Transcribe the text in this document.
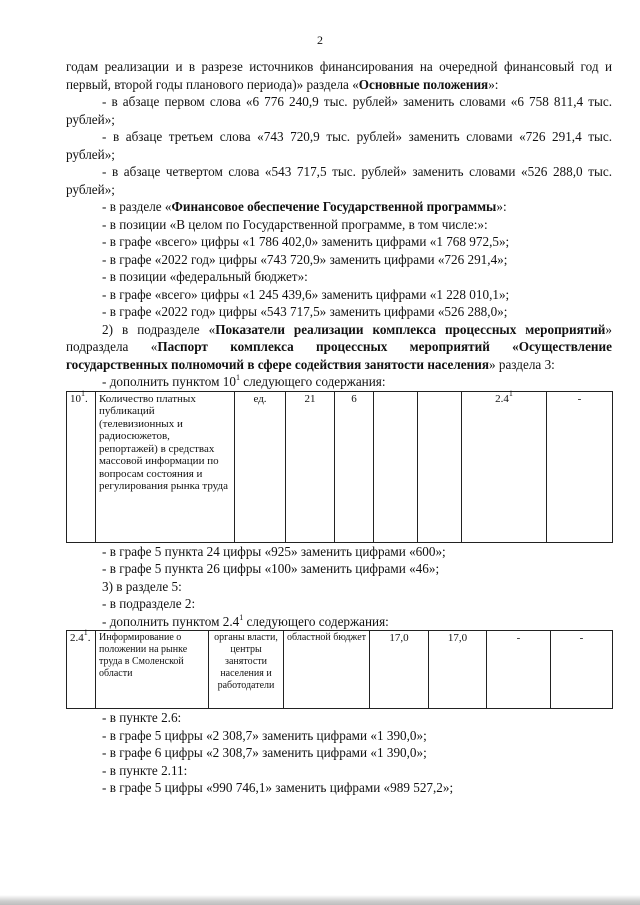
2

годам реализации и в разрезе источников финансирования на очередной финансовый год и первый, второй годы планового периода)» раздела «Основные положения»:

- в абзаце первом слова «6 776 240,9 тыс. рублей» заменить словами «6 758 811,4 тыс. рублей»;

- в абзаце третьем слова «743 720,9 тыс. рублей» заменить словами «726 291,4 тыс. рублей»;

- в абзаце четвертом слова «543 717,5 тыс. рублей» заменить словами «526 288,0 тыс. рублей»;

- в разделе «Финансовое обеспечение Государственной программы»:

- в позиции «В целом по Государственной программе, в том числе:»:

- в графе «всего» цифры «1 786 402,0» заменить цифрами «1 768 972,5»;

- в графе «2022 год» цифры «743 720,9» заменить цифрами «726 291,4»;

- в позиции «федеральный бюджет»:

- в графе «всего» цифры «1 245 439,6» заменить цифрами «1 228 010,1»;

- в графе «2022 год» цифры «543 717,5» заменить цифрами «526 288,0»;

2) в подразделе «Показатели реализации комплекса процессных мероприятий» подраздела «Паспорт комплекса процессных мероприятий «Осуществление государственных полномочий в сфере содействия занятости населения» раздела 3:

- дополнить пунктом $10^1$ следующего содержания:

$10^1$.	Количество платных публикаций (телевизионных и радиосюжетов, репортажей) в средствах массовой информации по вопросам состояния и регулирования рынка труда	ед.	21	6			$2.4^1$	-

- в графе 5 пункта 24 цифры «925» заменить цифрами «600»;

- в графе 5 пункта 26 цифры «100» заменить цифрами «46»;

3) в разделе 5:

- в подразделе 2:

- дополнить пунктом $2.4^1$ следующего содержания:

$2.4^1$.	Информирование о положении на рынке труда в Смоленской области	органы власти, центры занятости населения и работодатели	областной бюджет	17,0	17,0	-	-

- в пункте 2.6:

- в графе 5 цифры «2 308,7» заменить цифрами «1 390,0»;

- в графе 6 цифры «2 308,7» заменить цифрами «1 390,0»;

- в пункте 2.11:

- в графе 5 цифры «990 746,1» заменить цифрами «989 527,2»;
